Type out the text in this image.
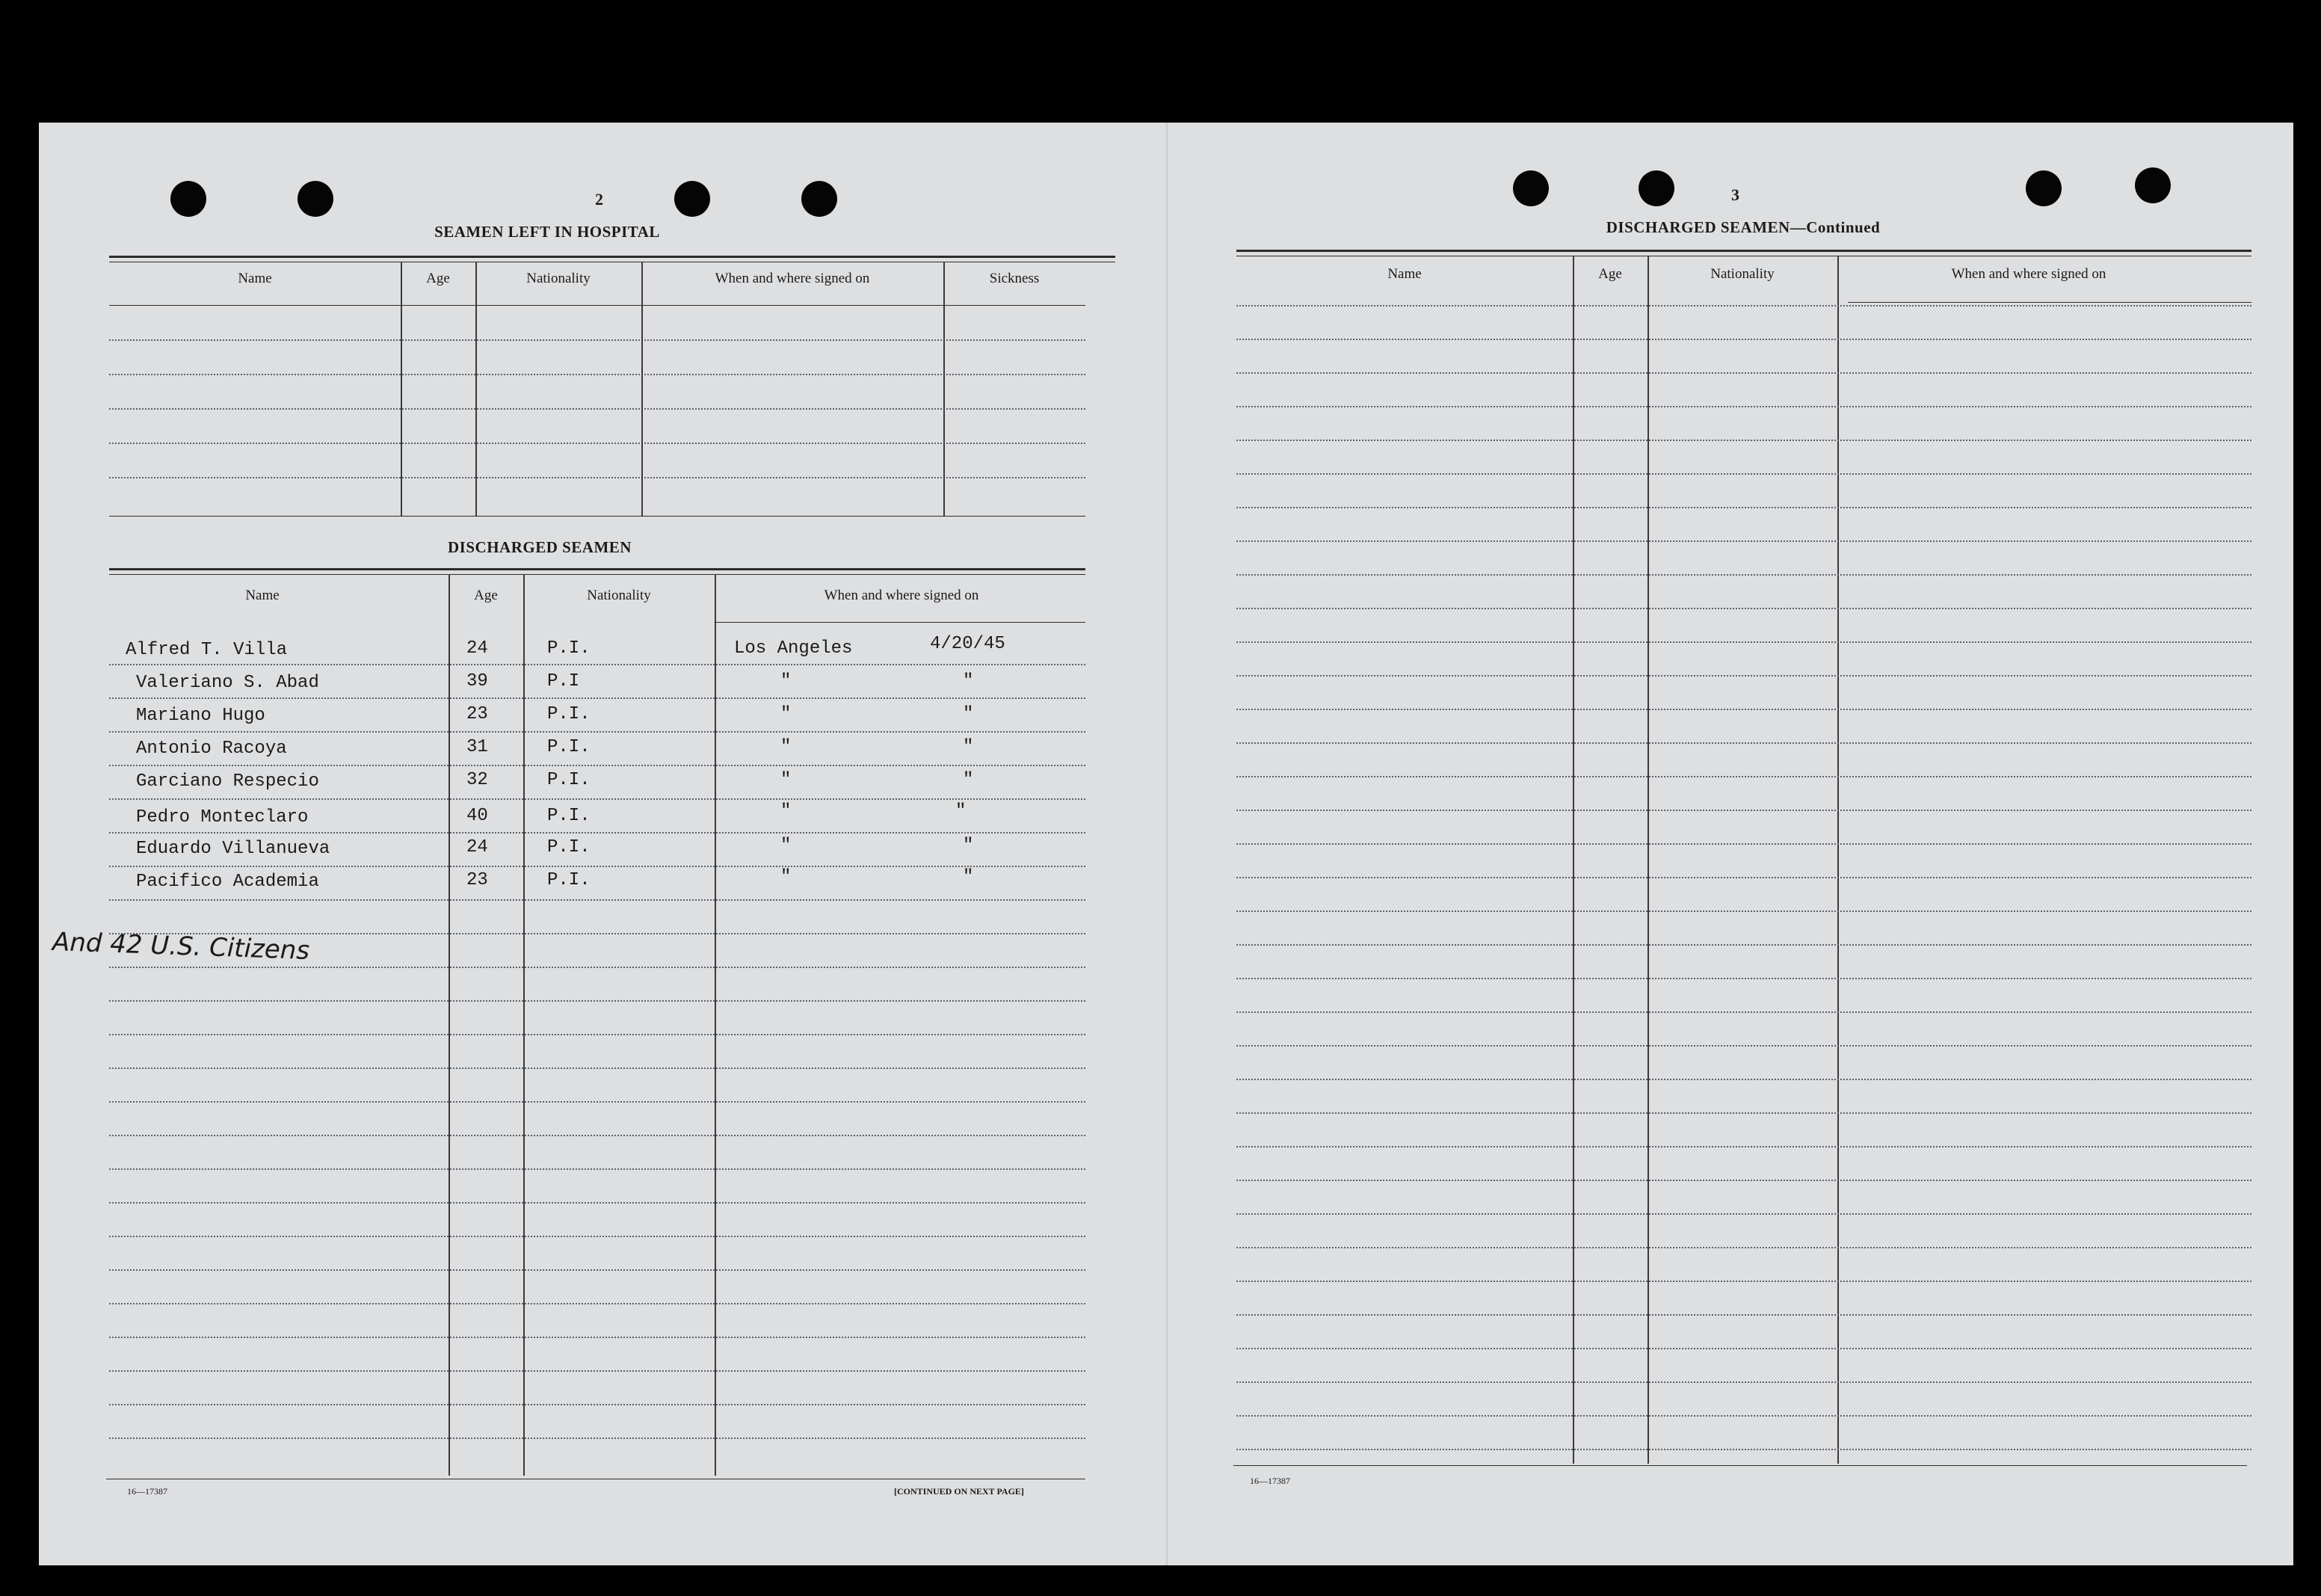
2
SEAMEN LEFT IN HOSPITAL
Name	Age	Nationality	When and where signed on	Sickness
DISCHARGED SEAMEN
Name	Age	Nationality	When and where signed on
Alfred T. Villa	24	P.I.	Los Angeles	4/20/45
Valeriano S. Abad	39	P.I	"	"
Mariano Hugo	23	P.I.	"	"
Antonio Racoya	31	P.I.	"	"
Garciano Respecio	32	P.I.	"	"
Pedro Monteclaro	40	P.I.	"	"
Eduardo Villanueva	24	P.I.	"	"
Pacifico Academia	23	P.I.	"	"
And 42 U.S. Citizens
16—17387	[CONTINUED ON NEXT PAGE]
3
DISCHARGED SEAMEN—Continued
Name	Age	Nationality	When and where signed on
16—17387
